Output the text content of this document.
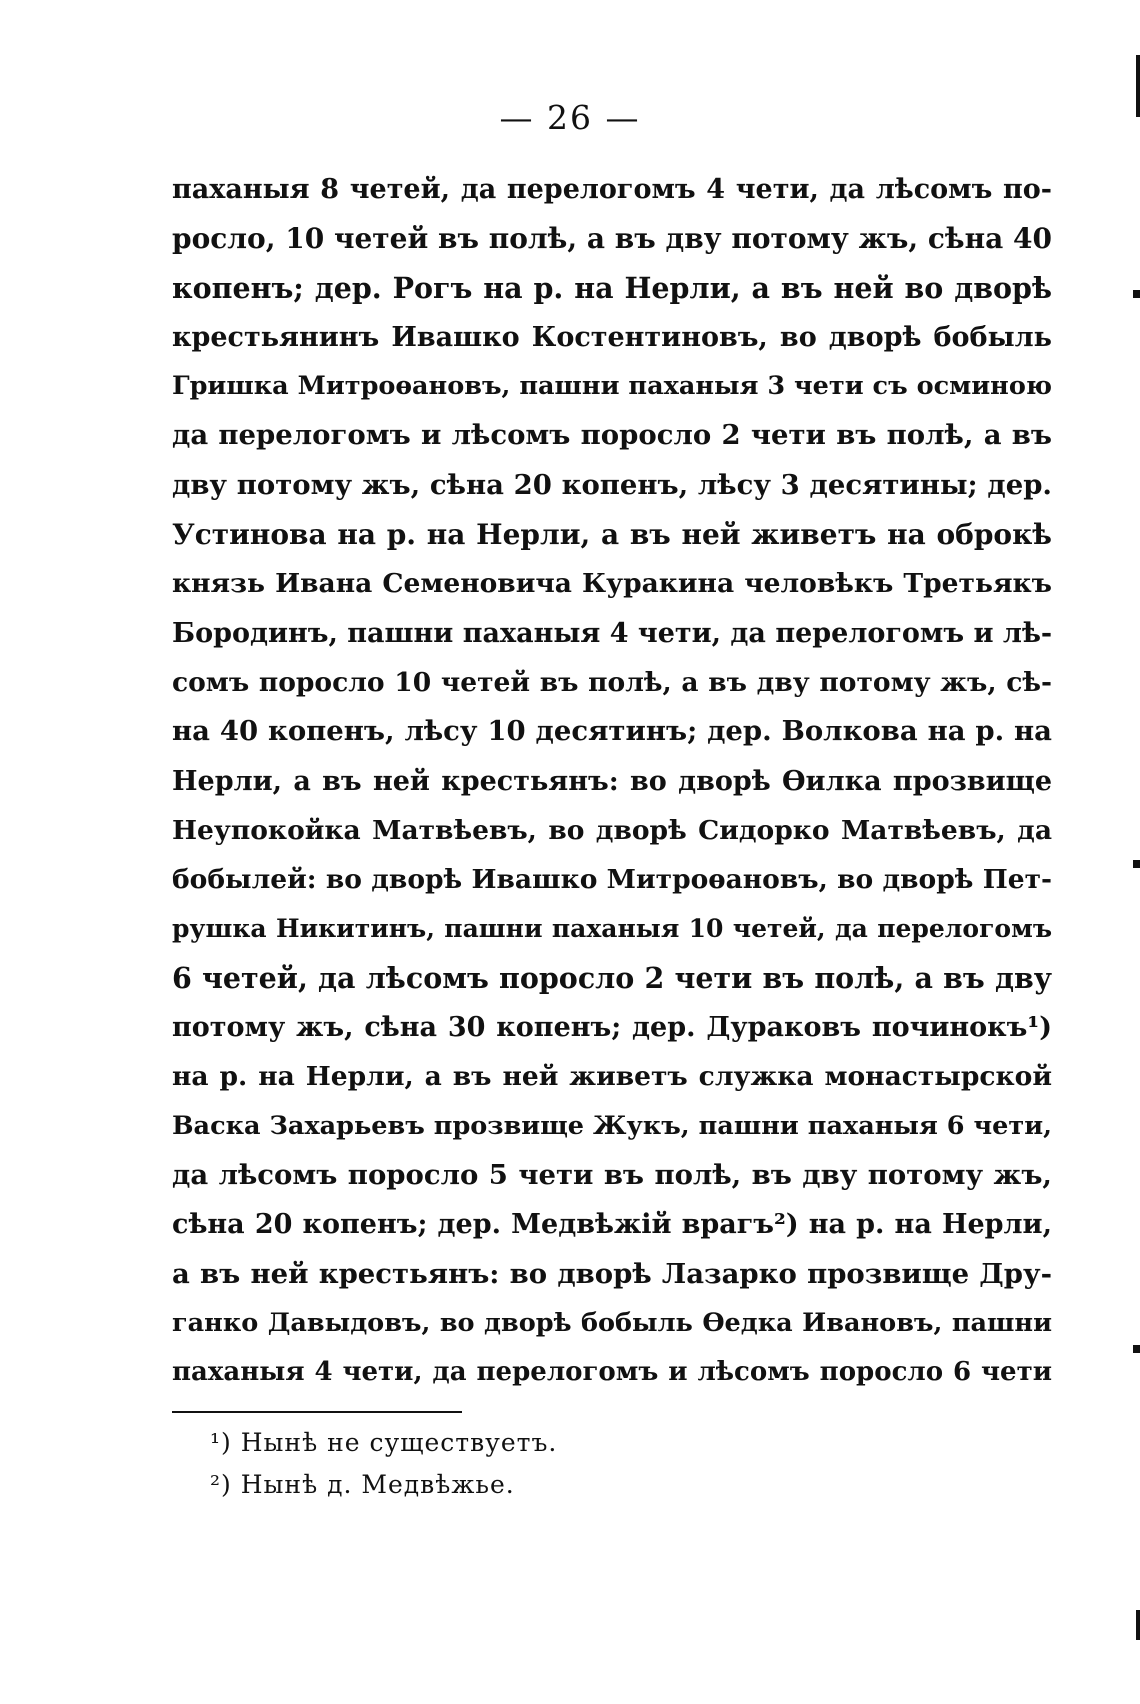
— 26 —
паханыя 8 четей, да перелогомъ 4 чети, да лѣсомъ по-
росло, 10 четей въ полѣ, а въ дву потому жъ, сѣна 40
копенъ; дер. Рогъ на р. на Нерли, а въ ней во дворѣ
крестьянинъ Ивашко Костентиновъ, во дворѣ бобыль
Гришка Митроѳановъ, пашни паханыя 3 чети съ осминою
да перелогомъ и лѣсомъ поросло 2 чети въ полѣ, а въ
дву потому жъ, сѣна 20 копенъ, лѣсу 3 десятины; дер.
Устинова на р. на Нерли, а въ ней живетъ на оброкѣ
князь Ивана Семеновича Куракина человѣкъ Третьякъ
Бородинъ, пашни паханыя 4 чети, да перелогомъ и лѣ-
сомъ поросло 10 четей въ полѣ, а въ дву потому жъ, сѣ-
на 40 копенъ, лѣсу 10 десятинъ; дер. Волкова на р. на
Нерли, а въ ней крестьянъ: во дворѣ Ѳилка прозвище
Неупокойка Матвѣевъ, во дворѣ Сидорко Матвѣевъ, да
бобылей: во дворѣ Ивашко Митроѳановъ, во дворѣ Пет-
рушка Никитинъ, пашни паханыя 10 четей, да перелогомъ
6 четей, да лѣсомъ поросло 2 чети въ полѣ, а въ дву
потому жъ, сѣна 30 копенъ; дер. Дураковъ починокъ¹)
на р. на Нерли, а въ ней живетъ служка монастырской
Васка Захарьевъ прозвище Жукъ, пашни паханыя 6 чети,
да лѣсомъ поросло 5 чети въ полѣ, въ дву потому жъ,
сѣна 20 копенъ; дер. Медвѣжій врагъ²) на р. на Нерли,
а въ ней крестьянъ: во дворѣ Лазарко прозвище Дру-
ганко Давыдовъ, во дворѣ бобыль Ѳедка Ивановъ, пашни
паханыя 4 чети, да перелогомъ и лѣсомъ поросло 6 чети
¹) Нынѣ не существуетъ.
²) Нынѣ д. Медвѣжье.
